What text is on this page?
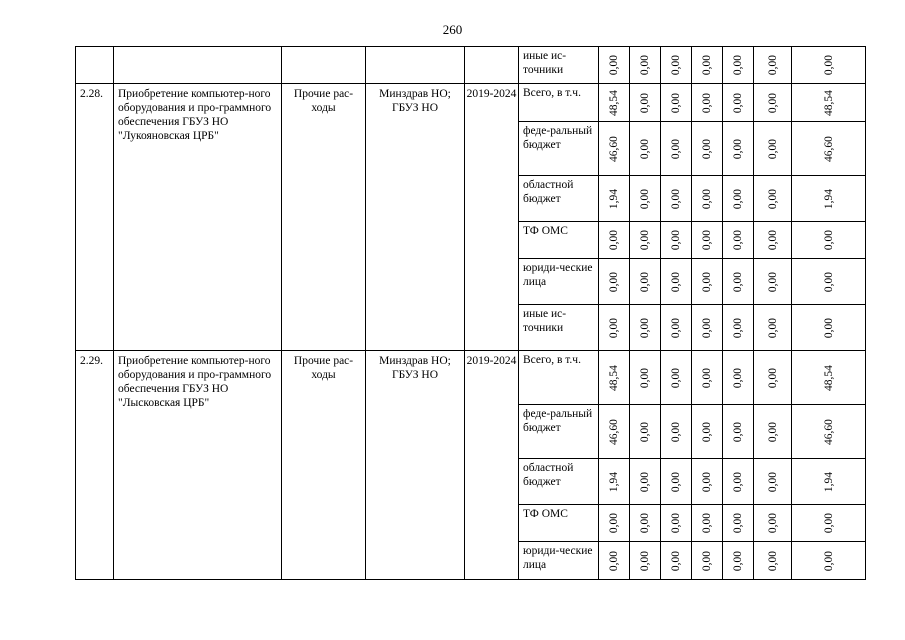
260
					иные ис-точники	0,00	0,00	0,00	0,00	0,00	0,00	0,00

2.28.	Приобретение компьютер-ного оборудования и про-граммного обеспечения ГБУЗ НО "Лукояновская ЦРБ"	Прочие рас-ходы	Минздрав НО; ГБУЗ НО	2019-2024	Всего, в т.ч.	48,54	0,00	0,00	0,00	0,00	0,00	48,54

					феде-ральный бюджет	46,60	0,00	0,00	0,00	0,00	0,00	46,60

					областной бюджет	1,94	0,00	0,00	0,00	0,00	0,00	1,94

					ТФ ОМС	0,00	0,00	0,00	0,00	0,00	0,00	0,00

					юриди-ческие лица	0,00	0,00	0,00	0,00	0,00	0,00	0,00

					иные ис-точники	0,00	0,00	0,00	0,00	0,00	0,00	0,00

2.29.	Приобретение компьютер-ного оборудования и про-граммного обеспечения ГБУЗ НО "Лысковская ЦРБ"	Прочие рас-ходы	Минздрав НО; ГБУЗ НО	2019-2024	Всего, в т.ч.	48,54	0,00	0,00	0,00	0,00	0,00	48,54

					феде-ральный бюджет	46,60	0,00	0,00	0,00	0,00	0,00	46,60

					областной бюджет	1,94	0,00	0,00	0,00	0,00	0,00	1,94

					ТФ ОМС	0,00	0,00	0,00	0,00	0,00	0,00	0,00

					юриди-ческие лица	0,00	0,00	0,00	0,00	0,00	0,00	0,00
